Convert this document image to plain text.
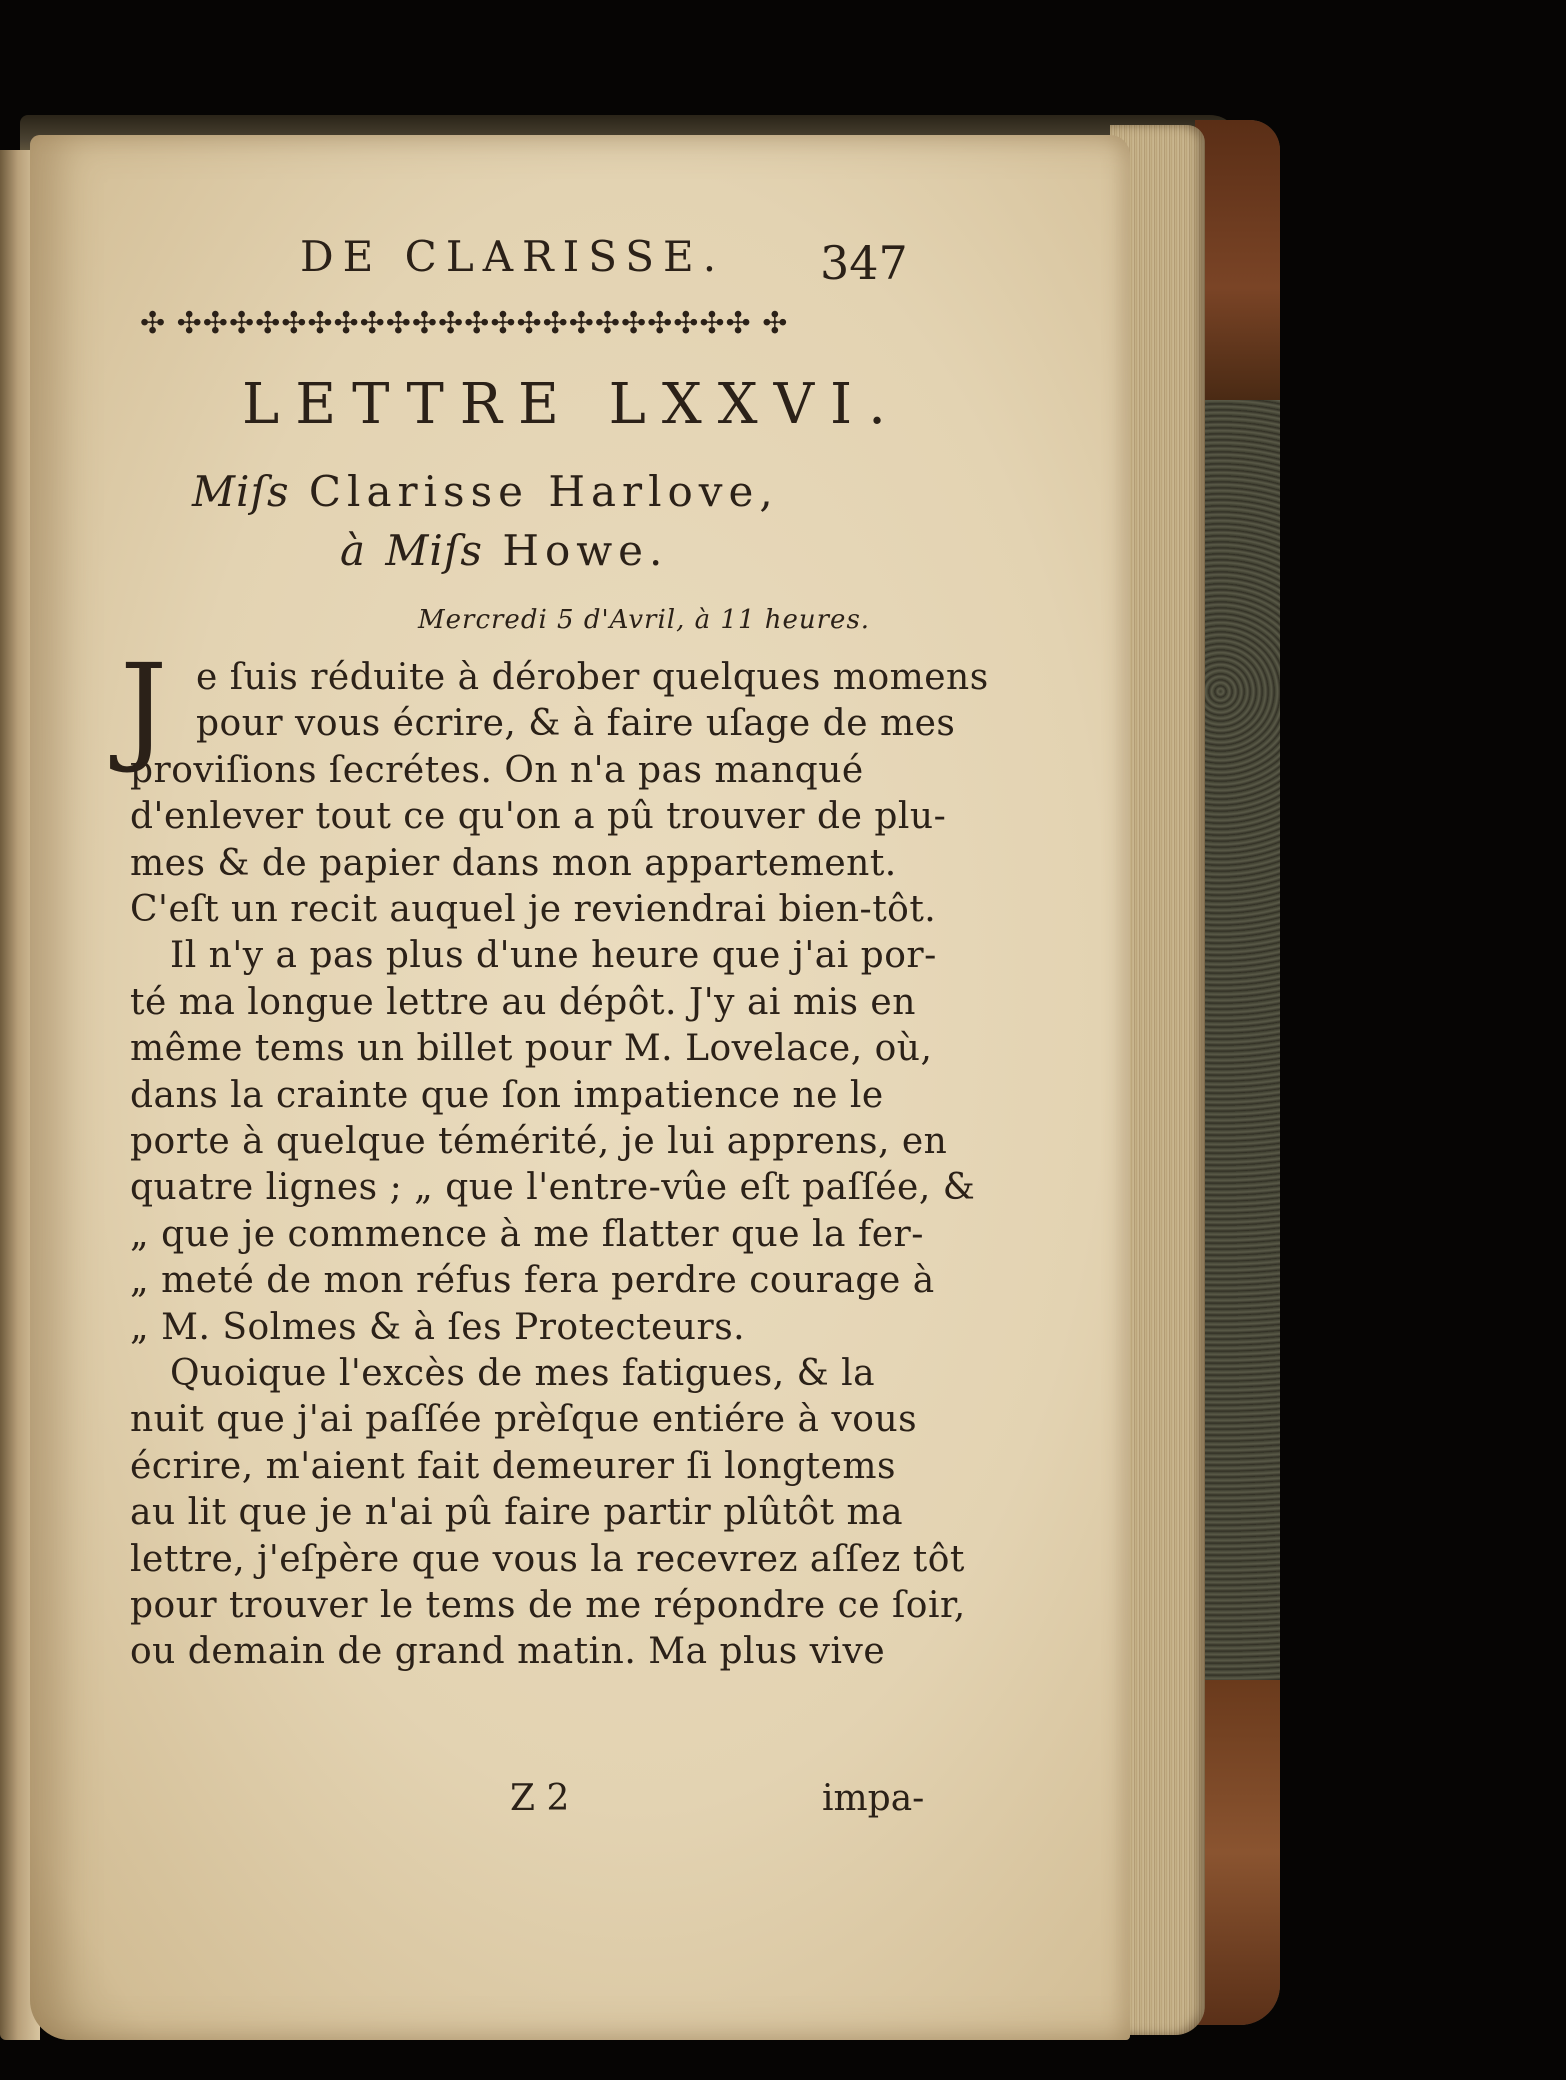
DE CLARISSE. 347
✣ ✣✣✣✣✣✣✣✣✣✣✣✣✣✣✣✣✣✣✣✣✣✣ ✣
LETTRE LXXVI.
Miſs Clarisse Harlove,
à Miſs Howe.
Mercredi 5 d'Avril, à 11 heures.
J e ſuis réduite à dérober quelques momens
pour vous écrire, & à faire uſage de mes
proviſions ſecrétes. On n'a pas manqué
d'enlever tout ce qu'on a pû trouver de plu-
mes & de papier dans mon appartement.
C'eſt un recit auquel je reviendrai bien-tôt.
Il n'y a pas plus d'une heure que j'ai por-
té ma longue lettre au dépôt. J'y ai mis en
même tems un billet pour M. Lovelace, où,
dans la crainte que ſon impatience ne le
porte à quelque témérité, je lui apprens, en
quatre lignes ; „ que l'entre-vûe eſt paſſée, &
„ que je commence à me flatter que la fer-
„ meté de mon réfus fera perdre courage à
„ M. Solmes & à ſes Protecteurs.
Quoique l'excès de mes fatigues, & la
nuit que j'ai paſſée prèſque entiére à vous
écrire, m'aient fait demeurer ſi longtems
au lit que je n'ai pû faire partir plûtôt ma
lettre, j'eſpère que vous la recevrez aſſez tôt
pour trouver le tems de me répondre ce ſoir,
ou demain de grand matin. Ma plus vive
Z 2	impa-
